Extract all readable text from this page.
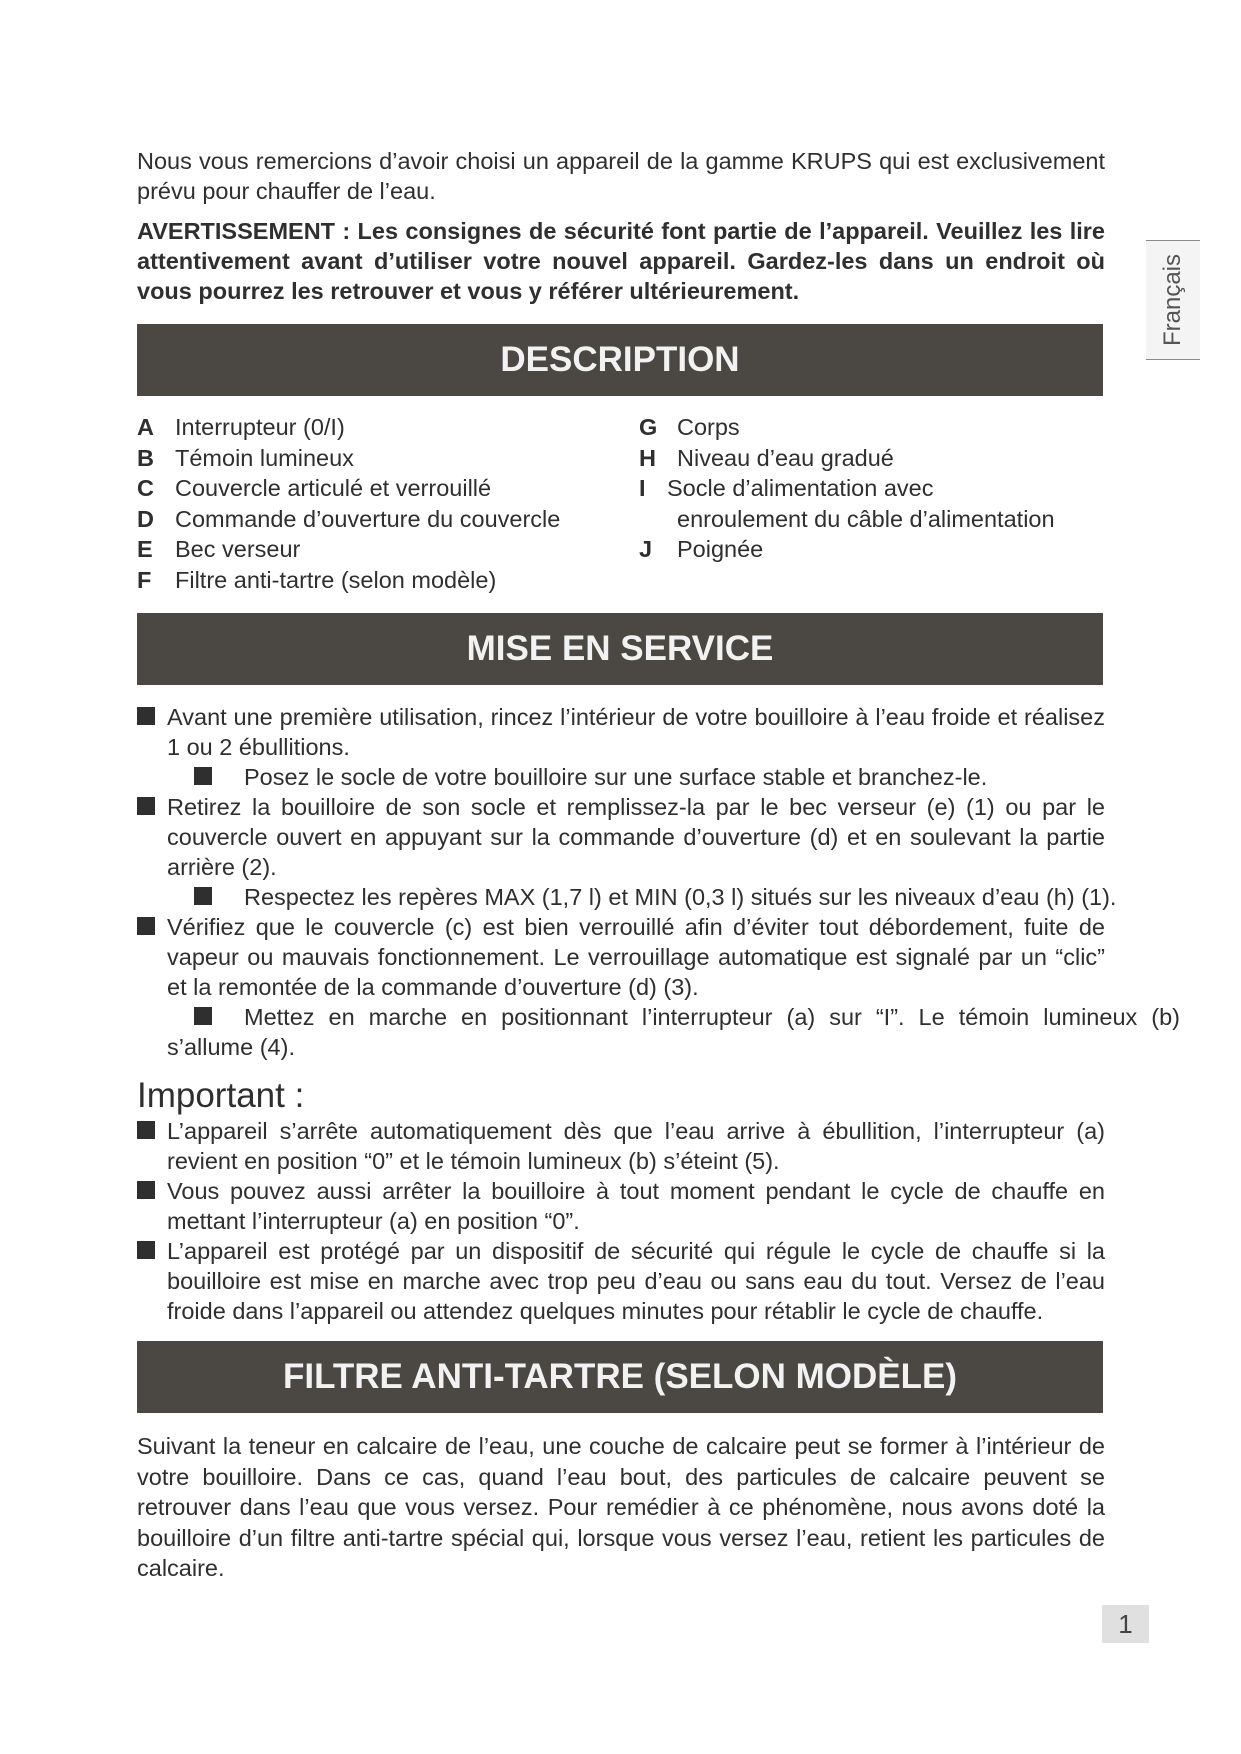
Nous vous remercions d’avoir choisi un appareil de la gamme KRUPS qui est exclusivement prévu pour chauffer de l’eau.

AVERTISSEMENT : Les consignes de sécurité font partie de l’appareil. Veuillez les lire attentivement avant d’utiliser votre nouvel appareil. Gardez-les dans un endroit où vous pourrez les retrouver et vous y référer ultérieurement.

DESCRIPTION
A Interrupteur (0/I)
B Témoin lumineux
C Couvercle articulé et verrouillé
D Commande d’ouverture du couvercle
E Bec verseur
F	Filtre anti-tartre (selon modèle)
G Corps
H Niveau d’eau gradué
I Socle d’alimentation avec
enroulement du câble d’alimentation
J	Poignée
MISE EN SERVICE
Avant une première utilisation, rincez l’intérieur de votre bouilloire à l’eau froide et réalisez 1 ou 2 ébullitions.
Posez le socle de votre bouilloire sur une surface stable et branchez-le.
Retirez la bouilloire de son socle et remplissez-la par le bec verseur (e) (1) ou par le couvercle ouvert en appuyant sur la commande d’ouverture (d) et en soulevant la partie arrière (2).
Respectez les repères MAX (1,7 l) et MIN (0,3 l) situés sur les niveaux d’eau (h) (1).
Vérifiez que le couvercle (c) est bien verrouillé afin d’éviter tout débordement, fuite de vapeur ou mauvais fonctionnement. Le verrouillage automatique est signalé par un “clic” et la remontée de la commande d’ouverture (d) (3).
Mettez en marche en positionnant l’interrupteur (a) sur “I”. Le témoin lumineux (b)
s’allume (4).
Important :
L’appareil s’arrête automatiquement dès que l’eau arrive à ébullition, l’interrupteur (a) revient en position “0” et le témoin lumineux (b) s’éteint (5).
Vous pouvez aussi arrêter la bouilloire à tout moment pendant le cycle de chauffe en mettant l’interrupteur (a) en position “0”.
L’appareil est protégé par un dispositif de sécurité qui régule le cycle de chauffe si la bouilloire est mise en marche avec trop peu d’eau ou sans eau du tout. Versez de l’eau froide dans l’appareil ou attendez quelques minutes pour rétablir le cycle de chauffe.
FILTRE ANTI-TARTRE (SELON MODÈLE)

Suivant la teneur en calcaire de l’eau, une couche de calcaire peut se former à l’intérieur de votre bouilloire. Dans ce cas, quand l’eau bout, des particules de calcaire peuvent se retrouver dans l’eau que vous versez. Pour remédier à ce phénomène, nous avons doté la bouilloire d’un filtre anti-tartre spécial qui, lorsque vous versez l’eau, retient les particules de calcaire.

Français
1
